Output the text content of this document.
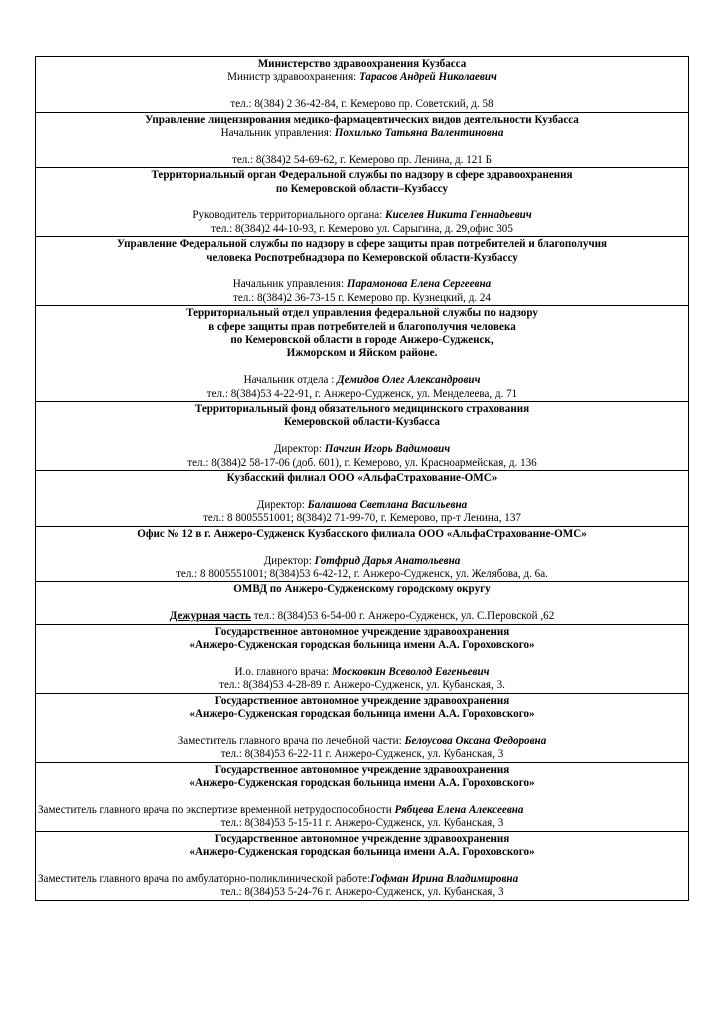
Министерство здравоохранения Кузбасса
Министр здравоохранения: Тарасов Андрей Николаевич
тел.: 8(384) 2 36-42-84, г. Кемерово пр. Советский, д. 58

Управление лицензирования медико-фармацевтических видов деятельности Кузбасса
Начальник управления: Похилько Татьяна Валентиновна
тел.: 8(384)2 54-69-62, г. Кемерово пр. Ленина, д. 121 Б

Территориальный орган Федеральной службы по надзору в сфере здравоохранения
по Кемеровской области–Кузбассу
Руководитель территориального органа: Киселев Никита Геннадьевич
тел.: 8(384)2 44-10-93, г. Кемерово ул. Сарыгина, д. 29,офис 305

Управление Федеральной службы по надзору в сфере защиты прав потребителей и благополучия
человека Роспотребнадзора по Кемеровской области-Кузбассу
Начальник управления: Парамонова Елена Сергеевна
тел.: 8(384)2 36-73-15 г. Кемерово пр. Кузнецкий, д. 24

Территориальный отдел управления федеральной службы по надзору
в сфере защиты прав потребителей и благополучия человека
по Кемеровской области в городе Анжеро-Судженск,
Ижморском и Яйском районе.
Начальник отдела : Демидов Олег Александрович
тел.: 8(384)53 4-22-91, г. Анжеро-Судженск, ул. Менделеева, д. 71

Территориальный фонд обязательного медицинского страхования
Кемеровской области-Кузбасса
Директор: Пачгин Игорь Вадимович
тел.: 8(384)2 58-17-06 (доб. 601), г. Кемерово, ул. Красноармейская, д. 136

Кузбасский филиал ООО «АльфаСтрахование-ОМС»
Директор: Балашова Светлана Васильевна
тел.: 8 8005551001; 8(384)2 71-99-70, г. Кемерово, пр-т Ленина, 137

Офис № 12 в г. Анжеро-Судженск Кузбасского филиала ООО «АльфаСтрахование-ОМС»
Директор: Готфрид Дарья Анатольевна
тел.: 8 8005551001; 8(384)53 6-42-12, г. Анжеро-Судженск, ул. Желябова, д. 6а.

ОМВД по Анжеро-Судженскому городскому округу
Дежурная часть тел.: 8(384)53 6-54-00 г. Анжеро-Судженск, ул. С.Перовской ,62

Государственное автономное учреждение здравоохранения
«Анжеро-Судженская городская больница имени А.А. Гороховского»
И.о. главного врача: Московкин Всеволод Евгеньевич
тел.: 8(384)53 4-28-89 г. Анжеро-Судженск, ул. Кубанская, 3.

Государственное автономное учреждение здравоохранения
«Анжеро-Судженская городская больница имени А.А. Гороховского»
Заместитель главного врача по лечебной части: Белоусова Оксана Федоровна
тел.: 8(384)53 6-22-11 г. Анжеро-Судженск, ул. Кубанская, 3

Государственное автономное учреждение здравоохранения
«Анжеро-Судженская городская больница имени А.А. Гороховского»
Заместитель главного врача по экспертизе временной нетрудоспособности Рябцева Елена Алексеевна
тел.: 8(384)53 5-15-11 г. Анжеро-Судженск, ул. Кубанская, 3

Государственное автономное учреждение здравоохранения
«Анжеро-Судженская городская больница имени А.А. Гороховского»
Заместитель главного врача по амбулаторно-поликлинической работе:Гофман Ирина Владимировна
тел.: 8(384)53 5-24-76 г. Анжеро-Судженск, ул. Кубанская, 3
